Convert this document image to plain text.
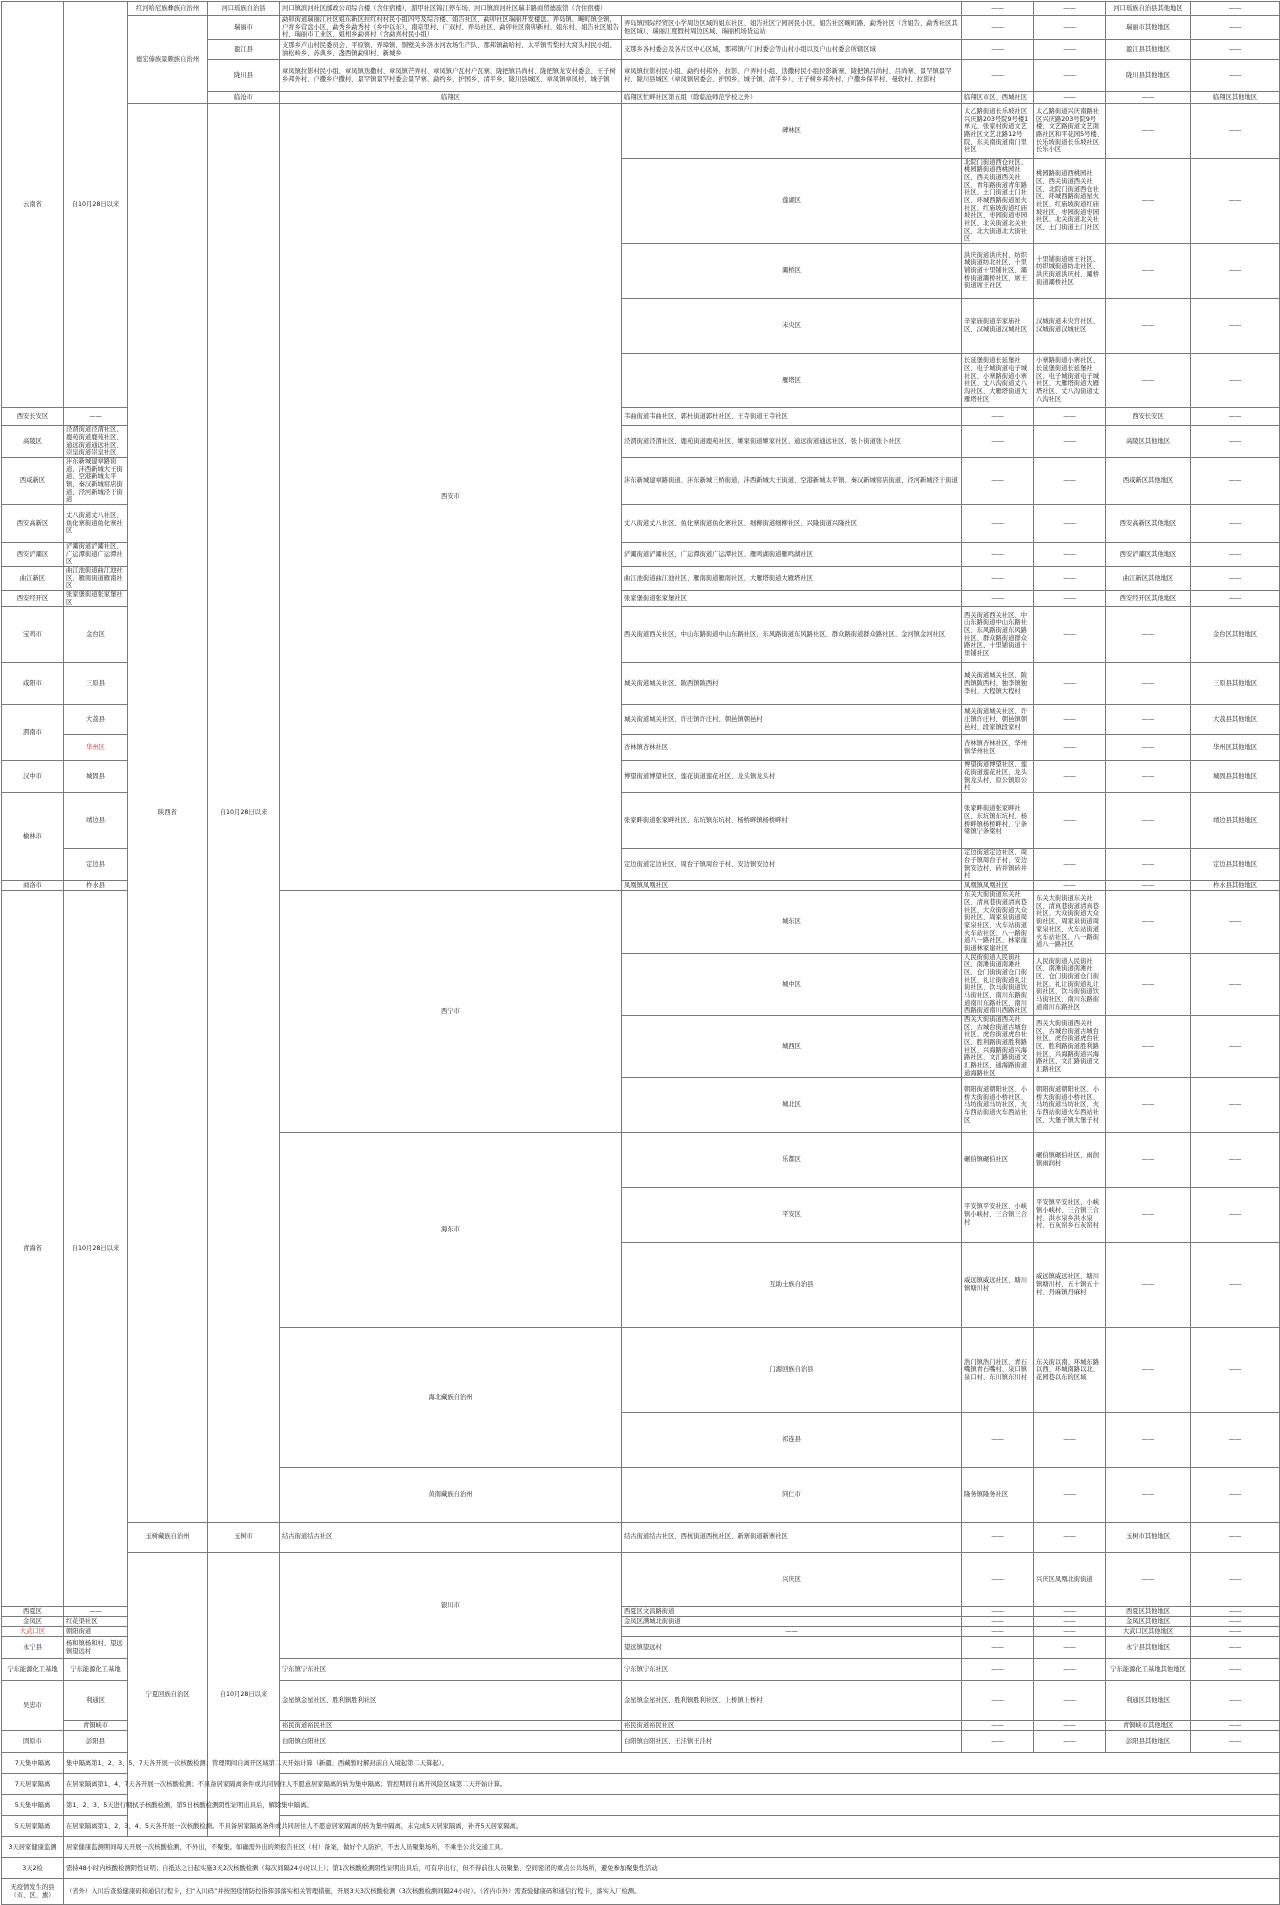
云南省	自10月28日以来	红河哈尼族彝族自治州	河口瑶族自治县	河口镇滨河社区邮政公司综合楼（含住宿楼），湄甲社区锦江停车场、河口镇滨河社区瑞丰路商贸德旅馆（含住宿楼）		——	——	河口瑶族自治县其他地区	——	
		德宏傣族景颇族自治州	瑞丽市	勐卯街道瑞丽江社区姐东新区拉红村村民小组四号及综合楼、姐告社区、勐卯社区瑞丽开发楼盘、弄岛镇、畹町镇全镇，户育乡营盘小区，勐秀乡勐秀村（乡中以东）、南京里村、广双村、弄岛社区、勐卯社区南卯新村、姐东村、姐告社区姐告村、瑞丽市工业区、姐相乡勐喜村（含勐喜村民小组）	弄岛镇国际经贸区小学周边区域的姐东社区、姐告社区宁园居民小区，姐告社区畹町路、勐秀社区（含姐告、勐秀社区其他区域）、瑞丽江度假村周边区域、瑞丽机场货运站	——	——	瑞丽市其他地区	——	
			盈江县	支那乡卢山村民委员会、平原镇、弄璋镇、铜壁关乡洛水河农场生产队、那邦镇勐哈村、太平镇雪梨村大窝头村民小组、油松岭乡、苏典乡、盏西镇勐卯村、新城乡	支那乡各村委会及各片区中心区域，那邦镇户门村委会等山村小组以及户山村委会所辖区域	——	——	盈江县其他地区	——	
			陇川县	章凤镇拉影村民小组、章凤镇迭撒村、章凤镇芒弄村、章凤镇户瓦村户瓦寨、陇把镇吕尚村、陇把镇龙安村委会、王子树乡邦外村、户撒乡户撒村、景罕镇景罕村委会景罕寨、勐约乡、护国乡、清平乡、陇川县城区、章凤镇章凤村、城子镇	章凤镇拉影村民小组、勐约村邦外、拉影、户弄村小组、迭撒村民小组拉影新寨、陇把镇吕尚村、吕尚寨、景罕镇景罕村、陇川县城区（章凤镇居委会、护国乡、城子镇、清平乡）、王子树乡邦外村、户撒乡保平村、曼软村、拉影村	——	——	陇川县其他地区	——	
			临沧市	临翔区	临翔区忙畔社区第五组（除临沧师范学校之外）	临翔区市区、西城社区	——	——	临翔区其他地区	
		陕西省	自10月28日以来	西安市	碑林区	太乙路街道长乐坡社区兴庆路203号院9号楼1单元、张家村街道文艺路社区文艺北路12号院、东关南街道南门里社区	太乙路街道兴庆南路社区兴庆路203号院9号楼、文艺路街道文艺南路社区和平花园5号楼、长乐坡街道长乐坡社区长乐小区	——	——		
					莲湖区	北院门街道西仓社区、桃园路街道西桃园社区、西关街道西关社区、青年路街道青年路社区、土门街道土门社区、环城西路街道星火社区、红庙坡街道红庙坡社区、枣园街道枣园社区、北关街道北关社区、北大街道北大街社区	桃园路街道西桃园社区、西关街道西关社区、北院门街道西仓社区、环城西路街道星火社区、红庙坡街道红庙坡社区、枣园街道枣园社区、北关街道北关社区、土门街道土门社区	——	——		
					灞桥区	洪庆街道洪庆村、纺织城街道纺北社区、十里铺街道十里铺社区、灞桥街道灞桥社区、席王街道席王社区	十里铺街道席王社区、纺织城街道纺北社区、洪庆街道洪庆村、灞桥街道灞桥社区	——	——		
					未央区	辛家庙街道辛家庙社区、汉城街道汉城社区	汉城街道未央宫社区、汉城街道汉城社区	——	——		
					雁塔区	长延堡街道长延堡社区、电子城街道电子城社区、小寨路街道小寨社区、丈八沟街道丈八沟社区、大雁塔街道大雁塔社区	小寨路街道小寨社区、长延堡街道长延堡社区、电子城街道电子城社区、大雁塔街道大雁塔社区、丈八沟街道丈八沟社区	——	——		
西安长安区	——				韦曲街道韦曲社区、郭杜街道郭杜社区、王寺街道王寺社区	——	——	西安长安区	——	
高陵区	泾渭街道泾渭社区、鹿苑街道鹿苑社区、通远街道通远社区、崇皇街道崇皇社区				泾渭街道泾渭社区、鹿苑街道鹿苑社区、姬家街道姬家社区、通远街道通远社区、张卜街道张卜社区	——	——	高陵区其他地区	——	
西咸新区	沣东新城建章路街道、沣西新城大王街道、空港新城太平镇、秦汉新城窑店街道、泾河新城泾干街道				沣东新城建章路街道、沣东新城三桥街道、沣西新城大王街道、空港新城太平镇、秦汉新城窑店街道、泾河新城泾干街道	——	——	西咸新区其他地区	——	
西安高新区	丈八街道丈八社区、鱼化寨街道鱼化寨社区				丈八街道丈八社区、鱼化寨街道鱼化寨社区、细柳街道细柳社区、兴隆街道兴隆社区	——	——	西安高新区其他地区	——	
西安浐灞区	浐灞街道浐灞社区、广运潭街道广运潭社区				浐灞街道浐灞社区、广运潭街道广运潭社区、雁鸣湖街道雁鸣湖社区	——	——	西安浐灞区其他地区	——	
曲江新区	曲江池街道曲江池社区、雁南街道雁南社区				曲江池街道曲江池社区、雁南街道雁南社区、大雁塔街道大雁塔社区	——	——	曲江新区其他地区	——	
西安经开区	张家堡街道张家堡社区				张家堡街道张家堡社区	——	——	西安经开区其他地区	——	
宝鸡市	金台区				西关街道西关社区、中山东路街道中山东路社区、东风路街道东风路社区、群众路街道群众路社区、金河镇金河社区	西关街道西关社区、中山东路街道中山东路社区、东风路街道东风路社区、群众路街道群众路社区、十里铺街道十里铺社区	——	——	金台区其他地区	
咸阳市	三原县				城关街道城关社区、陂西镇陂西村	城关街道城关社区、陂西镇陂西村、独李镇独李村、大程镇大程村	——	——	三原县其他地区	
渭南市	大荔县				城关街道城关社区、许庄镇许庄村、朝邑镇朝邑村	城关街道城关社区、许庄镇许庄村、朝邑镇朝邑村、段家镇段家村	——	——	大荔县其他地区	
	华州区				杏林镇杏林社区	杏林镇杏林社区、华州镇华州社区	——	——	华州区其他地区	
汉中市	城固县				博望街道博望社区、莲花街道莲花社区、龙头镇龙头村	博望街道博望社区、莲花街道莲花社区、龙头镇龙头村、原公镇原公村	——	——	城固县其他地区	
榆林市	靖边县				张家畔街道张家畔社区、东坑镇东坑村、杨桥畔镇杨桥畔村	张家畔街道张家畔社区、东坑镇东坑村、杨桥畔镇杨桥畔村、宁条梁镇宁条梁村	——	——	靖边县其他地区	
	定边县				定边街道定边社区、周台子镇周台子村、安边镇安边村	定边街道定边社区、周台子镇周台子村、安边镇安边村、砖井镇砖井村	——	——	定边县其他地区	
商洛市	柞水县				凤凰镇凤凰社区	凤凰镇凤凰社区	——	——	柞水县其他地区	
青海省	自10月28日以来			西宁市	城东区	东关大街街道东关社区、清真巷街道清真巷社区、大众街街道大众街社区、周家泉街道周家泉社区、火车站街道火车站社区、八一路街道八一路社区、林家崖街道林家崖社区	东关大街街道东关社区、清真巷街道清真巷社区、大众街街道大众街社区、周家泉街道周家泉社区、火车站街道火车站社区、八一路街道八一路社区	——	——		
					城中区	人民街街道人民街社区、南滩街道南滩社区、仓门街街道仓门街社区、礼让街街道礼让街社区、饮马街街道饮马街社区、南川东路街道南川东路社区、南川西路街道南川西路社区	人民街街道人民街社区、南滩街道南滩社区、仓门街街道仓门街社区、礼让街街道礼让街社区、饮马街街道饮马街社区、南川东路街道南川东路社区	——	——		
					城西区	西关大街街道西关社区、古城台街道古城台社区、虎台街道虎台社区、胜利路街道胜利路社区、兴海路街道兴海路社区、文汇路街道文汇路社区、通海路街道通海路社区	西关大街街道西关社区、古城台街道古城台社区、虎台街道虎台社区、胜利路街道胜利路社区、兴海路街道兴海路社区、文汇路街道文汇路社区	——	——		
					城北区	朝阳街道朝阳社区、小桥大街街道小桥社区、马坊街道马坊社区、火车西站街道火车西站社区	朝阳街道朝阳社区、小桥大街街道小桥社区、马坊街道马坊社区、火车西站街道火车西站社区、大堡子镇大堡子村	——	——		
				海东市	乐都区	碾伯镇碾伯社区	碾伯镇碾伯社区、雨润镇雨润村	——	——		
					平安区	平安镇平安社区、小峡镇小峡村、三合镇三合村	平安镇平安社区、小峡镇小峡村、三合镇三合村、洪水泉乡洪水泉村、石灰窑乡石灰窑村	——	——		
					互助土族自治县	威远镇威远社区、塘川镇塘川村	威远镇威远社区、塘川镇塘川村、五十镇五十村、丹麻镇丹麻村	——	——		
				海北藏族自治州	门源回族自治县	浩门镇浩门社区、青石嘴镇青石嘴村、泉口镇泉口村、东川镇东川村	东关街以南、环城东路以西、环城南路以北、花园巷以东的区域	——	——		
					祁连县	——	——	——	——		
				黄南藏族自治州	同仁市	隆务镇隆务社区	——	——	——		
		玉树藏族自治州	玉树市	结古街道结古社区	结古街道结古社区、西杭街道西杭社区、新寨街道新寨社区	——	——	玉树市其他地区	——	
		宁夏回族自治区	自10月28日以来	银川市	兴庆区	——	兴庆区凤凰北街街道	——	——		
西夏区	——				西夏区文昌路街道	——	——	西夏区其他地区	——	
金凤区	红花渠社区				金凤区满城北街街道	——	——	金凤区其他地区	——	
大武口区	朝阳街道				——	——	——	大武口区其他地区	——	
永宁县	杨和镇杨和村、望远镇望远村				望远镇望远村	——	——	永宁县其他地区	——	
宁东能源化工基地	宁东能源化工基地			宁东镇宁东社区	宁东镇宁东社区	——	——	宁东能源化工基地其他地区	——	
吴忠市	利通区			金星镇金星社区、胜利镇胜利社区	金星镇金星社区、胜利镇胜利社区、上桥镇上桥村	——	——	利通区其他地区	——	
	青铜峡市			裕民街道裕民社区	裕民街道裕民社区	——	——	青铜峡市其他地区	——	
固原市	彭阳县			白阳镇白阳社区	白阳镇白阳社区、王洼镇王洼村	——	——	彭阳县其他地区	——	
7天集中隔离	集中隔离第1、2、3、5、7天各开展一次核酸检测；管理期间自离开区域第二天开始计算（新疆、西藏暂时解封前自入境起第二天算起）。									
7天居家隔离	在居家隔离第1、4、7天各开展一次核酸检测；不具备居家隔离条件或共同居住人不愿意居家隔离的转为集中隔离；管控期间自离开风险区域第二天开始计算。									
5天集中隔离	第1、2、3、5天进行咽拭子核酸检测，第5日核酸检测阴性证明出具后，解除集中隔离。									
5天居家隔离	在居家隔离第1、2、3、4、5天各开展一次核酸检测。不具备居家隔离条件或共同居住人不愿意居家隔离的转为集中隔离，未完成5天居家隔离，补齐5天居家隔离。									
3天居家健康监测	居家健康监测期间每天开展一次核酸检测，不外出，不聚集。如确需外出的须报告社区（村）备案，做好个人防护，不去人员聚集场所，不乘坐公共交通工具。									
3天2检	需持48小时内核酸检测阴性证明；自抵达之日起实施3天2次核酸检测（每次间隔24小时以上）；第1次核酸检测阴性证明出具后，可有序出行，但不得前往人员聚集、空间密闭的重点公共场所，避免参加聚集性活动									
无疫情发生的县（市、区、旗）	（省外）入川后查验健康码和通信行程卡，扫“入川码”并按照疫情防控指挥部落实相关管理措施，开展3天3次核酸检测（3次核酸检测间隔24小时）。（省内市外）需查验健康码和通信行程卡，落实入厂检测。									
